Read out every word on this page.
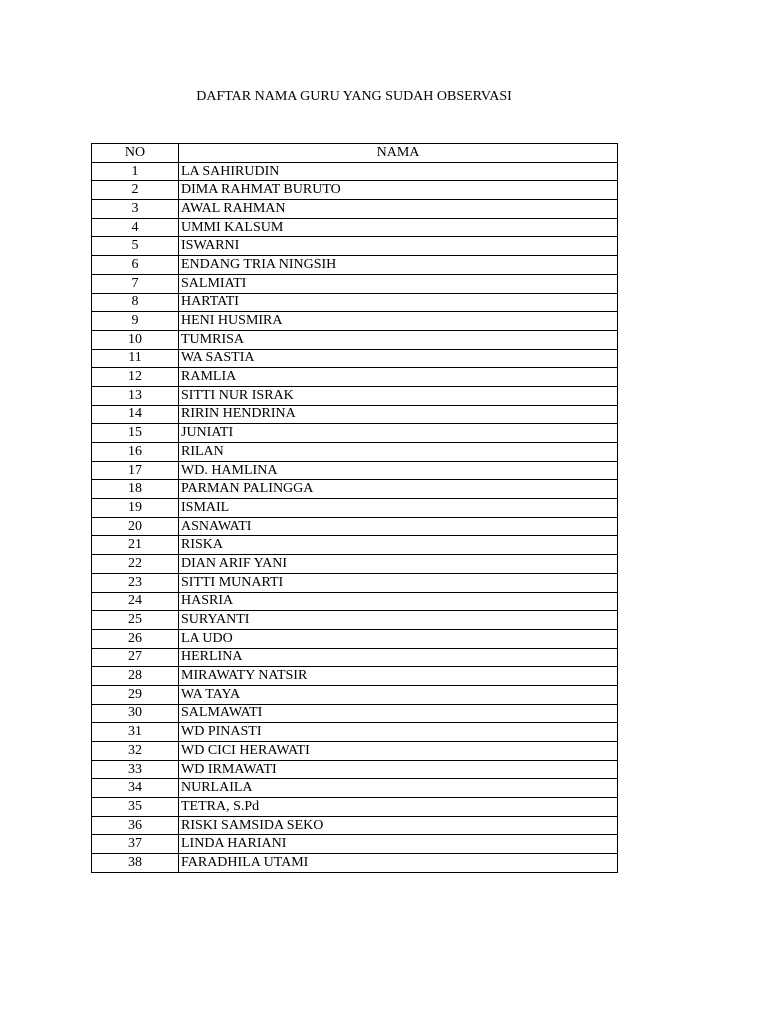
DAFTAR NAMA GURU YANG SUDAH OBSERVASI
NO	NAMA
1	LA SAHIRUDIN
2	DIMA RAHMAT BURUTO
3	AWAL RAHMAN
4	UMMI KALSUM
5	ISWARNI
6	ENDANG TRIA NINGSIH
7	SALMIATI
8	HARTATI
9	HENI HUSMIRA
10	TUMRISA
11	WA SASTIA
12	RAMLIA
13	SITTI NUR ISRAK
14	RIRIN HENDRINA
15	JUNIATI
16	RILAN
17	WD. HAMLINA
18	PARMAN PALINGGA
19	ISMAIL
20	ASNAWATI
21	RISKA
22	DIAN ARIF YANI
23	SITTI MUNARTI
24	HASRIA
25	SURYANTI
26	LA UDO
27	HERLINA
28	MIRAWATY NATSIR
29	WA TAYA
30	SALMAWATI
31	WD PINASTI
32	WD CICI HERAWATI
33	WD IRMAWATI
34	NURLAILA
35	TETRA, S.Pd
36	RISKI SAMSIDA SEKO
37	LINDA HARIANI
38	FARADHILA UTAMI
